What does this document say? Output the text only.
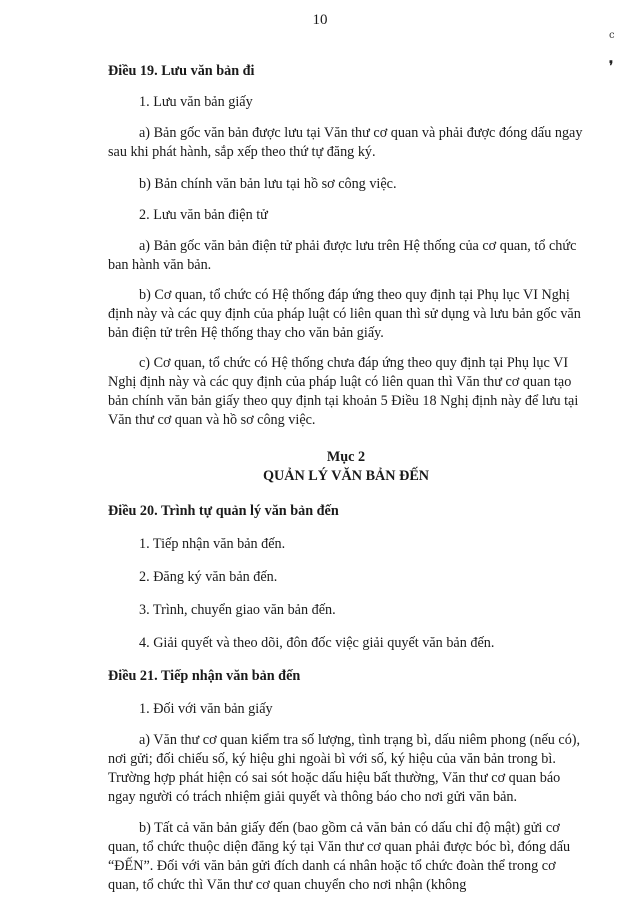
10
ⅽ
❜

Điều 19. Lưu văn bản đi

1. Lưu văn bản giấy

a) Bản gốc văn bản được lưu tại Văn thư cơ quan và phải được đóng dấu ngay sau khi phát hành, sắp xếp theo thứ tự đăng ký.

b) Bản chính văn bản lưu tại hồ sơ công việc.

2. Lưu văn bản điện tử

a) Bản gốc văn bản điện tử phải được lưu trên Hệ thống của cơ quan, tổ chức ban hành văn bản.

b) Cơ quan, tổ chức có Hệ thống đáp ứng theo quy định tại Phụ lục VI Nghị định này và các quy định của pháp luật có liên quan thì sử dụng và lưu bản gốc văn bản điện tử trên Hệ thống thay cho văn bản giấy.

c) Cơ quan, tổ chức có Hệ thống chưa đáp ứng theo quy định tại Phụ lục VI Nghị định này và các quy định của pháp luật có liên quan thì Văn thư cơ quan tạo bản chính văn bản giấy theo quy định tại khoản 5 Điều 18 Nghị định này để lưu tại Văn thư cơ quan và hồ sơ công việc.

Mục 2
QUẢN LÝ VĂN BẢN ĐẾN

Điều 20. Trình tự quản lý văn bản đến

1. Tiếp nhận văn bản đến.

2. Đăng ký văn bản đến.

3. Trình, chuyển giao văn bản đến.

4. Giải quyết và theo dõi, đôn đốc việc giải quyết văn bản đến.

Điều 21. Tiếp nhận văn bản đến

1. Đối với văn bản giấy

a) Văn thư cơ quan kiểm tra số lượng, tình trạng bì, dấu niêm phong (nếu có), nơi gửi; đối chiếu số, ký hiệu ghi ngoài bì với số, ký hiệu của văn bản trong bì. Trường hợp phát hiện có sai sót hoặc dấu hiệu bất thường, Văn thư cơ quan báo ngay người có trách nhiệm giải quyết và thông báo cho nơi gửi văn bản.

b) Tất cả văn bản giấy đến (bao gồm cả văn bản có dấu chỉ độ mật) gửi cơ quan, tổ chức thuộc diện đăng ký tại Văn thư cơ quan phải được bóc bì, đóng dấu “ĐẾN”. Đối với văn bản gửi đích danh cá nhân hoặc tổ chức đoàn thể trong cơ quan, tổ chức thì Văn thư cơ quan chuyển cho nơi nhận (không
